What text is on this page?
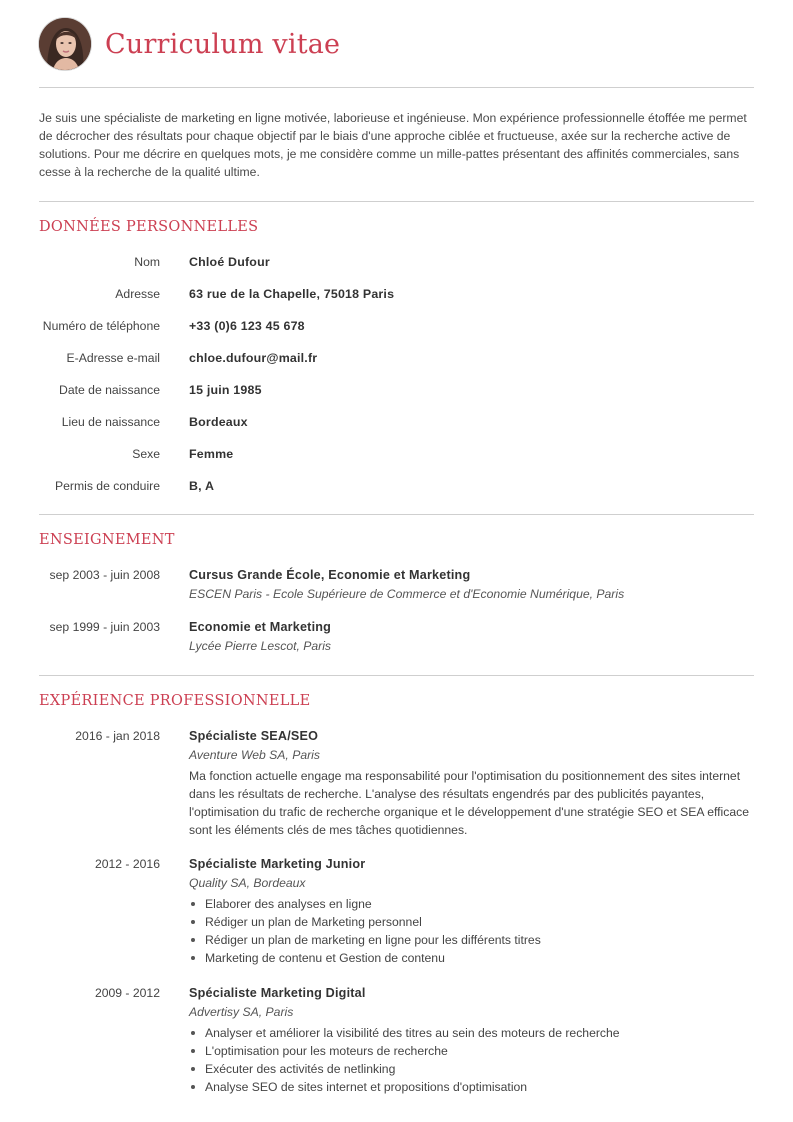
Curriculum vitae

Je suis une spécialiste de marketing en ligne motivée, laborieuse et ingénieuse. Mon expérience professionnelle étoffée me permet de décrocher des résultats pour chaque objectif par le biais d'une approche ciblée et fructueuse, axée sur la recherche active de solutions. Pour me décrire en quelques mots, je me considère comme un mille-pattes présentant des affinités commerciales, sans cesse à la recherche de la qualité ultime.

DONNÉES PERSONNELLES
Nom Chloé Dufour
Adresse 63 rue de la Chapelle, 75018 Paris
Numéro de téléphone +33 (0)6 123 45 678
E-Adresse e-mail chloe.dufour@mail.fr
Date de naissance 15 juin 1985
Lieu de naissance Bordeaux
Sexe Femme
Permis de conduire B, A
ENSEIGNEMENT
sep 2003 - juin 2008 Cursus Grande École, Economie et Marketing
ESCEN Paris - Ecole Supérieure de Commerce et d'Economie Numérique, Paris
sep 1999 - juin 2003 Economie et Marketing
Lycée Pierre Lescot, Paris
EXPÉRIENCE PROFESSIONNELLE
2016 - jan 2018 Spécialiste SEA/SEO
Aventure Web SA, Paris
Ma fonction actuelle engage ma responsabilité pour l'optimisation du positionnement des sites internet dans les résultats de recherche. L'analyse des résultats engendrés par des publicités payantes, l'optimisation du trafic de recherche organique et le développement d'une stratégie SEO et SEA efficace sont les éléments clés de mes tâches quotidiennes.
2012 - 2016 Spécialiste Marketing Junior
Quality SA, Bordeaux
Elaborer des analyses en ligne
Rédiger un plan de Marketing personnel
Rédiger un plan de marketing en ligne pour les différents titres
Marketing de contenu et Gestion de contenu
2009 - 2012 Spécialiste Marketing Digital
Advertisy SA, Paris
Analyser et améliorer la visibilité des titres au sein des moteurs de recherche
L'optimisation pour les moteurs de recherche
Exécuter des activités de netlinking
Analyse SEO de sites internet et propositions d'optimisation
